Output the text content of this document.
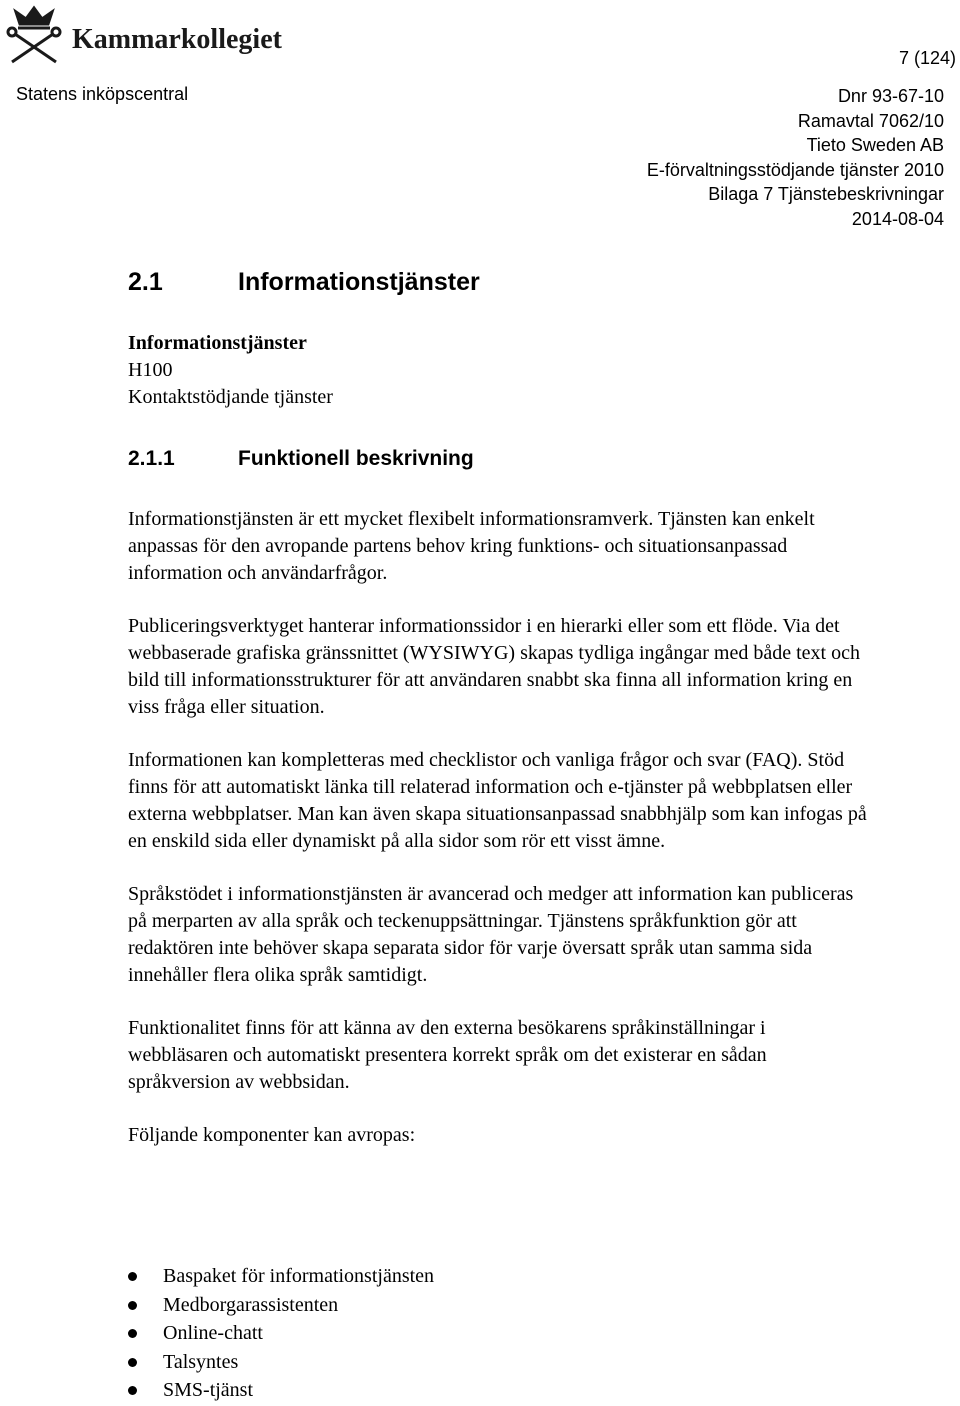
Kammarkollegiet
7 (124)
Statens inköpscentral	Dnr 93-67-10
Ramavtal 7062/10
Tieto Sweden AB
E-förvaltningsstödjande tjänster 2010
Bilaga 7 Tjänstebeskrivningar
2014-08-04
2.1	Informationstjänster
Informationstjänster
H100
Kontaktstödjande tjänster
2.1.1	Funktionell beskrivning

Informationstjänsten är ett mycket flexibelt informationsramverk. Tjänsten kan enkelt anpassas för den avropande partens behov kring funktions- och situationsanpassad information och användarfrågor.

Publiceringsverktyget hanterar informationssidor i en hierarki eller som ett flöde. Via det webbaserade grafiska gränssnittet (WYSIWYG) skapas tydliga ingångar med både text och bild till informationsstrukturer för att användaren snabbt ska finna all information kring en viss fråga eller situation.

Informationen kan kompletteras med checklistor och vanliga frågor och svar (FAQ). Stöd finns för att automatiskt länka till relaterad information och e-tjänster på webbplatsen eller externa webbplatser. Man kan även skapa situationsanpassad snabbhjälp som kan infogas på en enskild sida eller dynamiskt på alla sidor som rör ett visst ämne.

Språkstödet i informationstjänsten är avancerad och medger att information kan publiceras på merparten av alla språk och teckenuppsättningar. Tjänstens språkfunktion gör att redaktören inte behöver skapa separata sidor för varje översatt språk utan samma sida innehåller flera olika språk samtidigt.

Funktionalitet finns för att känna av den externa besökarens språkinställningar i webbläsaren och automatiskt presentera korrekt språk om det existerar en sådan språkversion av webbsidan.

Följande komponenter kan avropas:

Baspaket för informationstjänsten
Medborgarassistenten
Online-chatt
Talsyntes
SMS-tjänst
